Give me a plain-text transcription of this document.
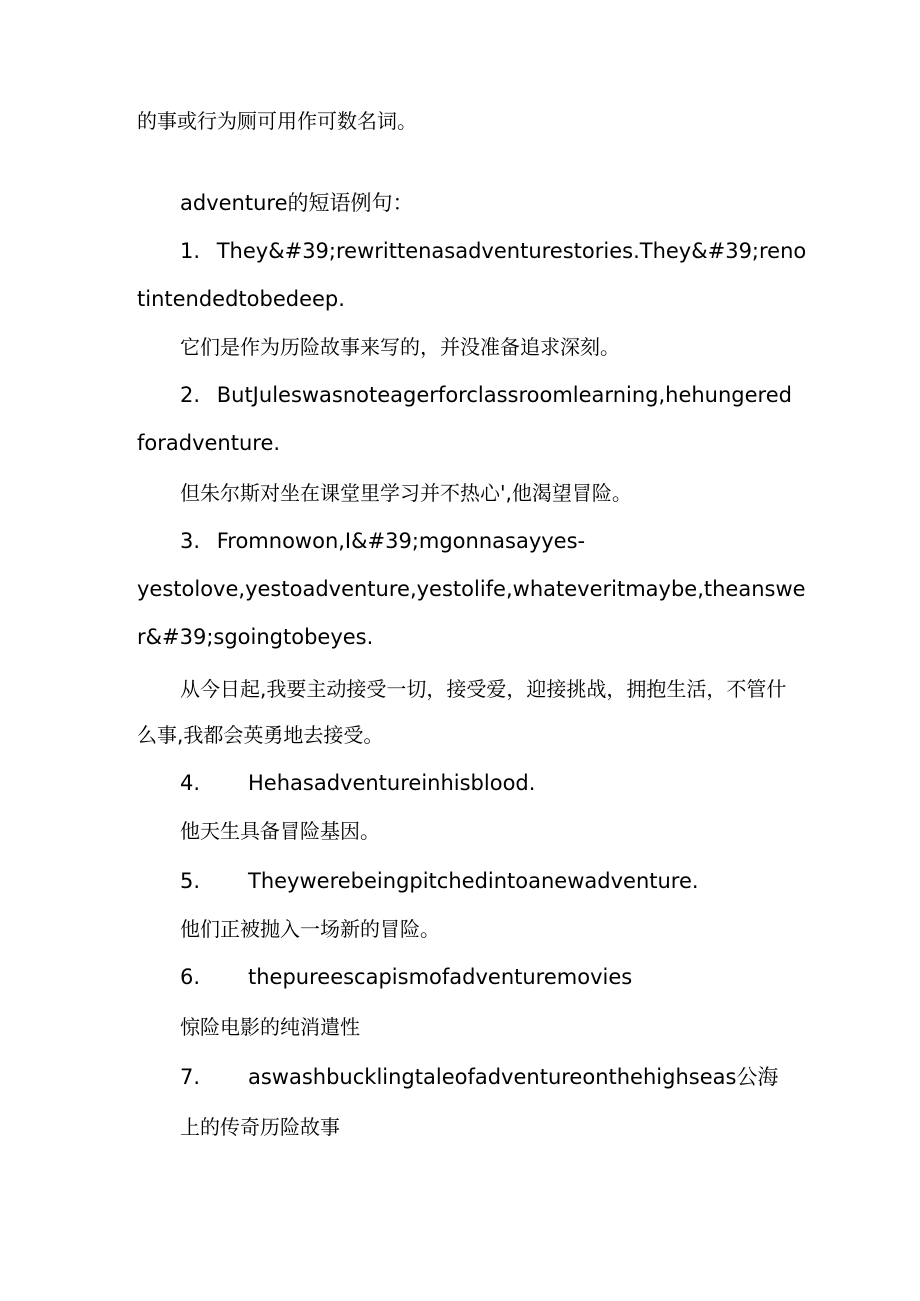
的事或行为厕可用作可数名词。
adventure的短语例句：
1. They&#39;rewrittenasadventurestories.They&#39;reno
tintendedtobedeep.
它们是作为历险故事来写的，并没准备追求深刻。
2. ButJuleswasnoteagerforclassroomlearning,hehungered
foradventure.
但朱尔斯对坐在课堂里学习并不热心',他渴望冒险。
3. Fromnowon,I&#39;mgonnasayyes-
yestolove,yestoadventure,yestolife,whateveritmaybe,theanswe
r&#39;sgoingtobeyes.
从今日起,我要主动接受一切，接受爱，迎接挑战，拥抱生活，不管什
么事,我都会英勇地去接受。
4. Hehasadventureinhisblood.
他天生具备冒险基因。
5. Theywerebeingpitchedintoanewadventure.
他们正被抛入一场新的冒险。
6. thepureescapismofadventuremovies
惊险电影的纯消遣性
7. aswashbucklingtaleofadventureonthehighseas公海
上的传奇历险故事
